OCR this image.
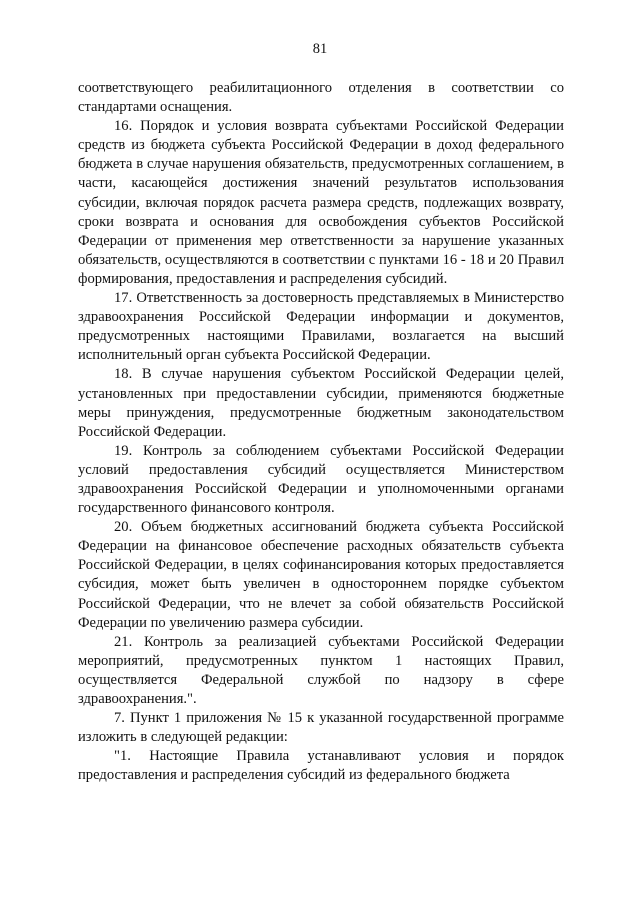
81

соответствующего реабилитационного отделения в соответствии со стандартами оснащения.

16. Порядок и условия возврата субъектами Российской Федерации средств из бюджета субъекта Российской Федерации в доход федерального бюджета в случае нарушения обязательств, предусмотренных соглашением, в части, касающейся достижения значений результатов использования субсидии, включая порядок расчета размера средств, подлежащих возврату, сроки возврата и основания для освобождения субъектов Российской Федерации от применения мер ответственности за нарушение указанных обязательств, осуществляются в соответствии с пунктами 16 - 18 и 20 Правил формирования, предоставления и распределения субсидий.

17. Ответственность за достоверность представляемых в Министерство здравоохранения Российской Федерации информации и документов, предусмотренных настоящими Правилами, возлагается на высший исполнительный орган субъекта Российской Федерации.

18. В случае нарушения субъектом Российской Федерации целей, установленных при предоставлении субсидии, применяются бюджетные меры принуждения, предусмотренные бюджетным законодательством Российской Федерации.

19. Контроль за соблюдением субъектами Российской Федерации условий предоставления субсидий осуществляется Министерством здравоохранения Российской Федерации и уполномоченными органами государственного финансового контроля.

20. Объем бюджетных ассигнований бюджета субъекта Российской Федерации на финансовое обеспечение расходных обязательств субъекта Российской Федерации, в целях софинансирования которых предоставляется субсидия, может быть увеличен в одностороннем порядке субъектом Российской Федерации, что не влечет за собой обязательств Российской Федерации по увеличению размера субсидии.

21. Контроль за реализацией субъектами Российской Федерации мероприятий, предусмотренных пунктом 1 настоящих Правил, осуществляется Федеральной службой по надзору в сфере здравоохранения.".

7. Пункт 1 приложения № 15 к указанной государственной программе изложить в следующей редакции:

"1. Настоящие Правила устанавливают условия и порядок предоставления и распределения субсидий из федерального бюджета
